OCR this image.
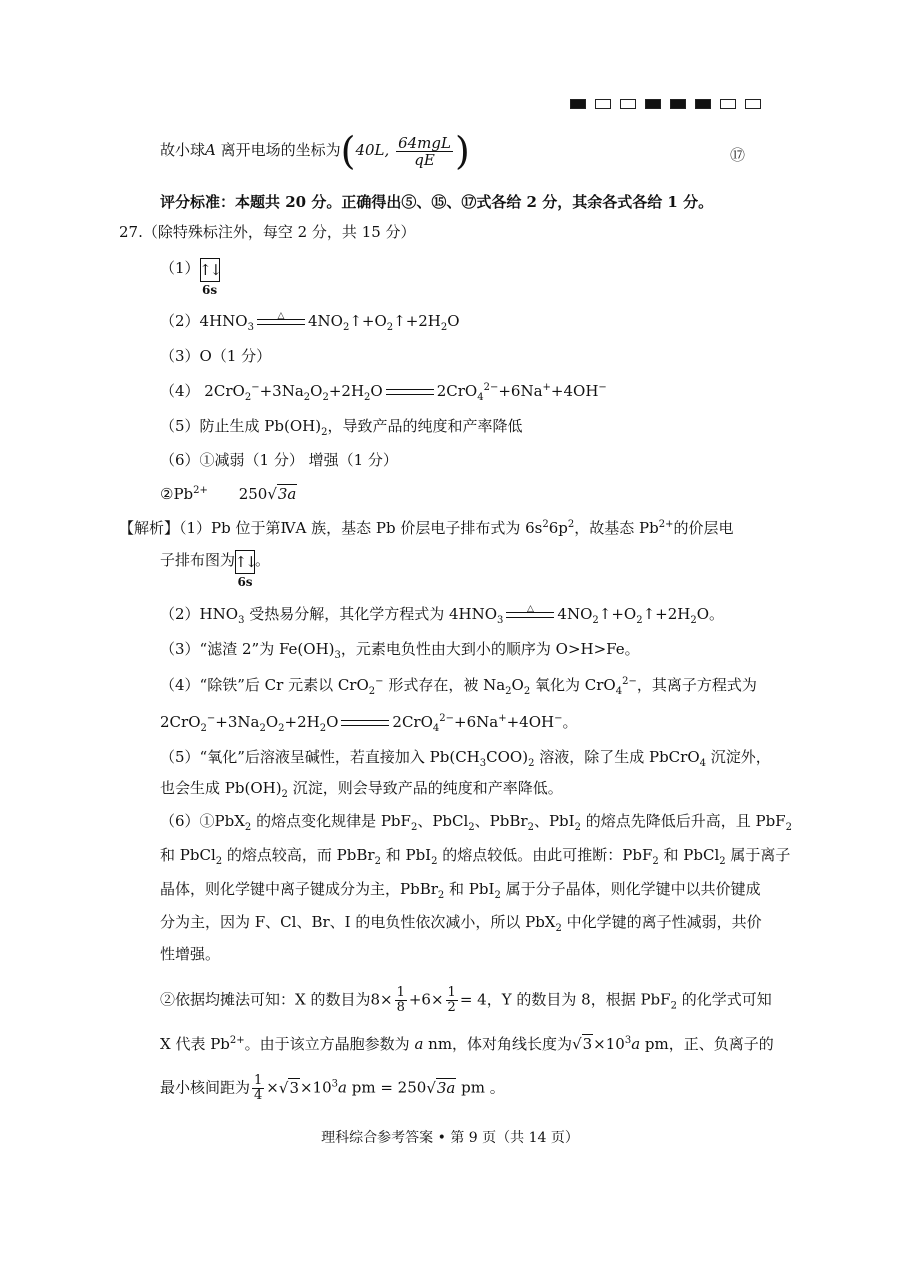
故小球A 离开电场的坐标为(40L, $\frac{\text{64mgL}}{qE}$ )	⑰
评分标准：本题共 20 分。正确得出⑤、⑮、⑰式各给 2 分，其余各式各给 1 分。
27.（除特殊标注外，每空 2 分，共 15 分）
（1） ↑↓
6s
$(2)4HNO_3$
△	$4NO_2↑+O_2↑+2H_2O$
（3）O（1 分）
（4） $2CrO_2^-+3Na_2O_2+2H_2O$	2CrO$_4^{2-}$+6Na++4OH−
（5）防止生成 $Pb(OH)_2$，导致产品的纯度和产率降低
（6）①减弱（1 分） 增强（1 分）
$②Pb^{2+}$ 250√3a
【解析】（1）Pb 位于第ⅣA 族，基态 Pb 价层电子排布式为 $6s^26p^2$，故基态 $Pb^{2+}$的价层电
子排布图为 ↑↓
6s
。
$(2)HNO_3$ 受热易分解，其化学方程式为 $4HNO_3$
△	$4NO_2↑+O_2↑+2H_2O$。
（3）“滤渣 2”为 $Fe(OH)_3$，元素电负性由大到小的顺序为 O>H>Fe。
（4）“除铁”后 Cr 元素以 CrO$_2$− 形式存在，被 $Na_2O_2$ 氧化为 CrO$_4^{2-}$，其离子方程式为
$2CrO_2^-+3Na_2O_2+2H_2O$	2CrO$_4^{2-}$+6Na++4OH−。
（5）“氧化”后溶液呈碱性，若直接加入 $Pb(CH_3COO)_2$ 溶液，除了生成 PbCrO$_4$ 沉淀外，
也会生成 $Pb(OH)_2$ 沉淀，则会导致产品的纯度和产率降低。
（6）①PbX$_2$ 的熔点变化规律是 PbF$_2$、PbCl$_2$、PbBr$_2$、PbI$_2$ 的熔点先降低后升高，且 PbF$_2$
和 PbCl$_2$ 的熔点较高，而 PbBr$_2$ 和 PbI$_2$ 的熔点较低。由此可推断：PbF$_2$ 和 PbCl$_2$ 属于离子
晶体，则化学键中离子键成分为主，PbBr$_2$ 和 PbI$_2$ 属于分子晶体，则化学键中以共价键成
分为主，因为 F、Cl、Br、I 的电负性依次减小，所以 PbX$_2$ 中化学键的离子性减弱，共价
性增强。
②依据均摊法可知：X 的数目为$8\times \frac{1}{8} +6\times \frac{1}{2} = 4$，Y 的数目为 8，根据 PbF$_2$ 的化学式可知
X 代表 $Pb^{2+}$。由于该立方晶胞参数为 a nm，体对角线长度为$√3\times 10^3a$ pm，正、负离子的
最小核间距为 $\frac{1}{4} \times√3\times 10^3a$ pm = 250√3a pm 。
理科综合参考答案 • 第 9 页（共 14 页）
